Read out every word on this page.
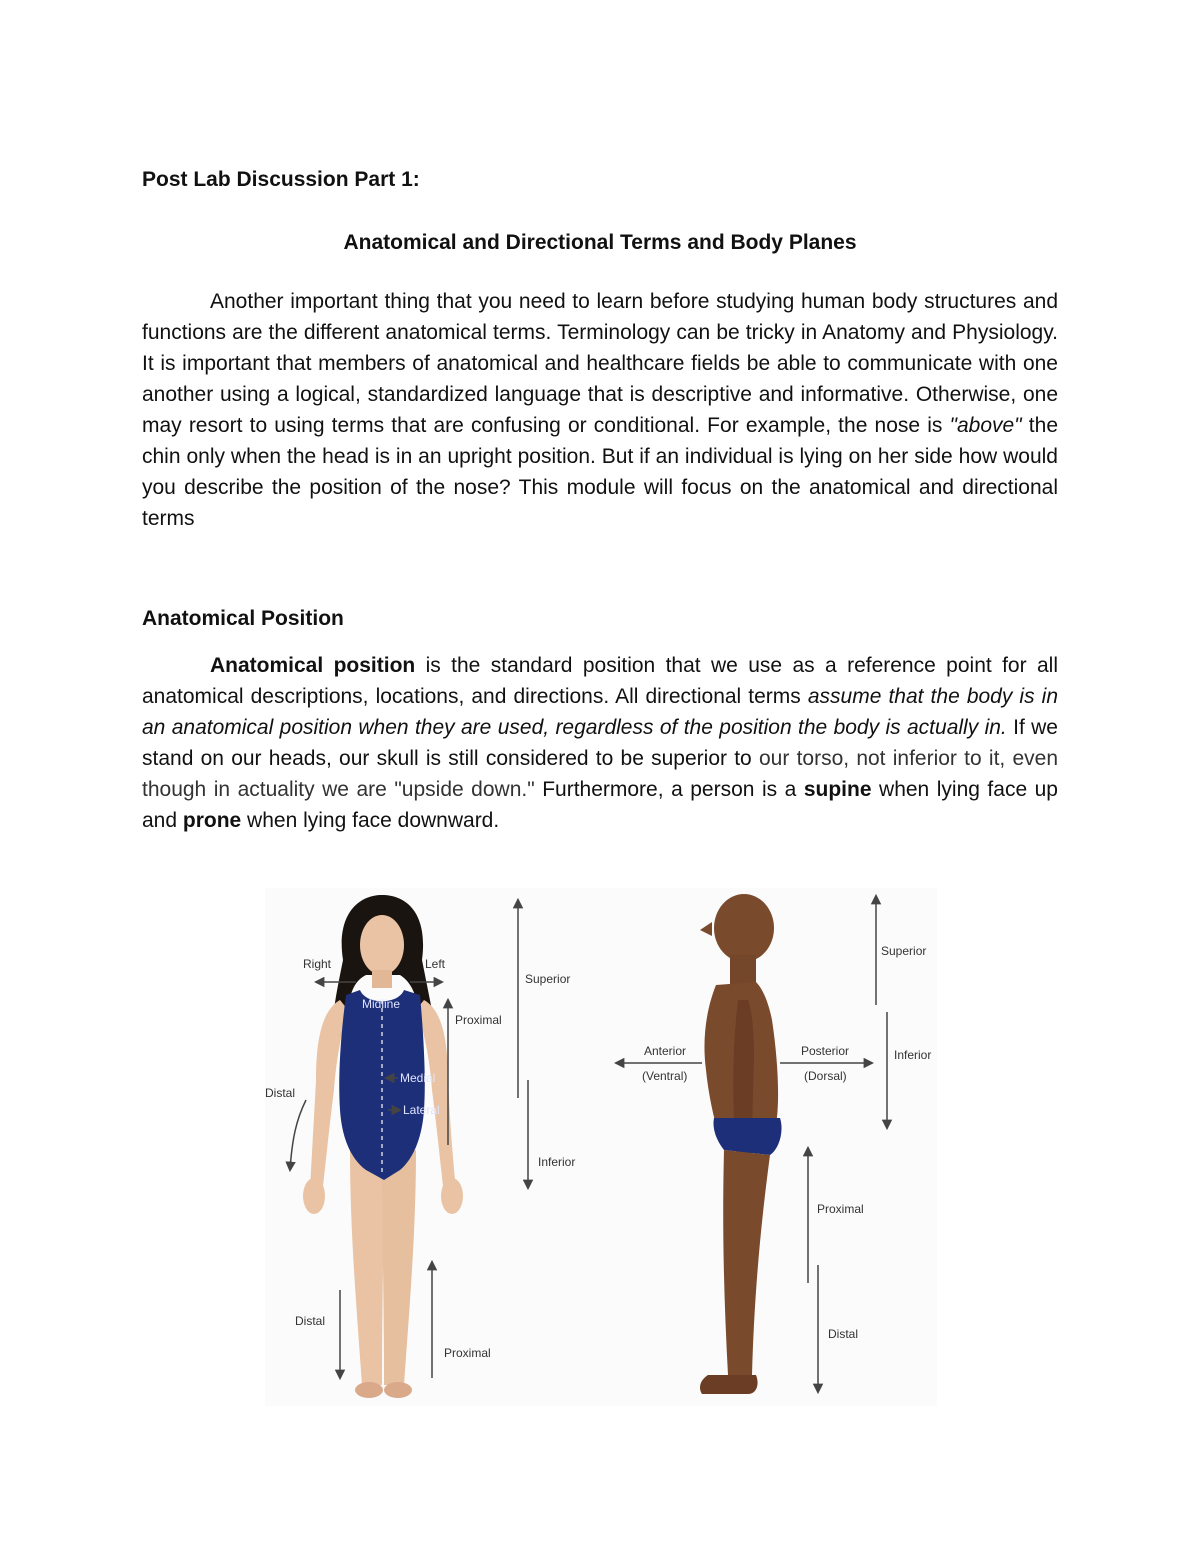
Post Lab Discussion Part 1:
Anatomical and Directional Terms and Body Planes
Another important thing that you need to learn before studying human body structures and functions are the different anatomical terms. Terminology can be tricky in Anatomy and Physiology. It is important that members of anatomical and healthcare fields be able to communicate with one another using a logical, standardized language that is descriptive and informative. Otherwise, one may resort to using terms that are confusing or conditional. For example, the nose is "above" the chin only when the head is in an upright position. But if an individual is lying on her side how would you describe the position of the nose? This module will focus on the anatomical and directional terms
Anatomical Position
Anatomical position is the standard position that we use as a reference point for all anatomical descriptions, locations, and directions. All directional terms assume that the body is in an anatomical position when they are used, regardless of the position the body is actually in. If we stand on our heads, our skull is still considered to be superior to our torso, not inferior to it, even though in actuality we are "upside down." Furthermore, a person is a supine when lying face up and prone when lying face downward.
Right	Left
Midline
Medial
Lateral
Proximal
Distal
Superior
Inferior
Distal
Proximal
Anterior
(Ventral)
Posterior
(Dorsal)
Superior
Inferior
Proximal
Distal
